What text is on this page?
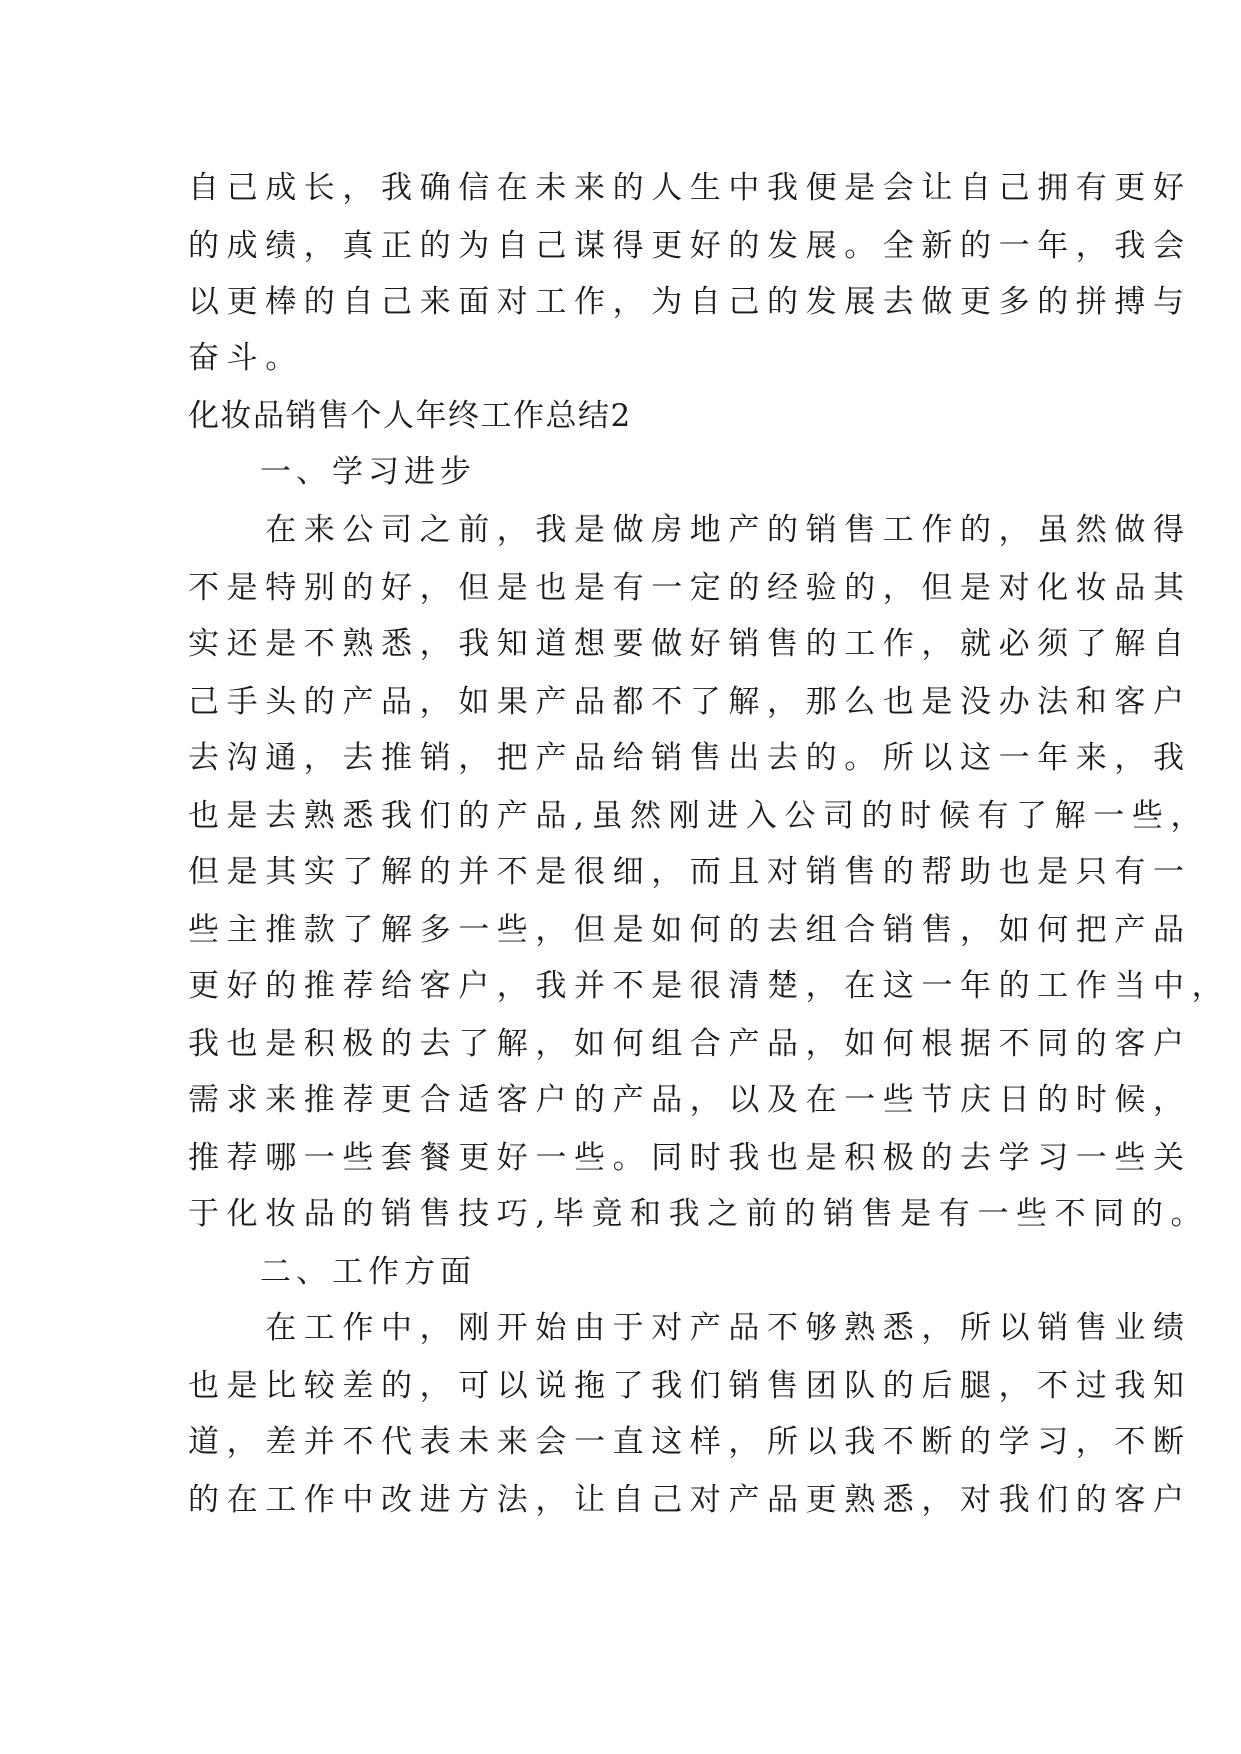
自己成长，我确信在未来的人生中我便是会让自己拥有更好
的成绩，真正的为自己谋得更好的发展。全新的一年，我会
以更棒的自己来面对工作，为自己的发展去做更多的拼搏与
奋斗。
化妆品销售个人年终工作总结2
　　一、学习进步
　　在来公司之前，我是做房地产的销售工作的，虽然做得
不是特别的好，但是也是有一定的经验的，但是对化妆品其
实还是不熟悉，我知道想要做好销售的工作，就必须了解自
己手头的产品，如果产品都不了解，那么也是没办法和客户
去沟通，去推销，把产品给销售出去的。所以这一年来，我
也是去熟悉我们的产品,虽然刚进入公司的时候有了解一些，
但是其实了解的并不是很细，而且对销售的帮助也是只有一
些主推款了解多一些，但是如何的去组合销售，如何把产品
更好的推荐给客户，我并不是很清楚，在这一年的工作当中，
我也是积极的去了解，如何组合产品，如何根据不同的客户
需求来推荐更合适客户的产品，以及在一些节庆日的时候，
推荐哪一些套餐更好一些。同时我也是积极的去学习一些关
于化妆品的销售技巧,毕竟和我之前的销售是有一些不同的。
　　二、工作方面
　　在工作中，刚开始由于对产品不够熟悉，所以销售业绩
也是比较差的，可以说拖了我们销售团队的后腿，不过我知
道，差并不代表未来会一直这样，所以我不断的学习，不断
的在工作中改进方法，让自己对产品更熟悉，对我们的客户
